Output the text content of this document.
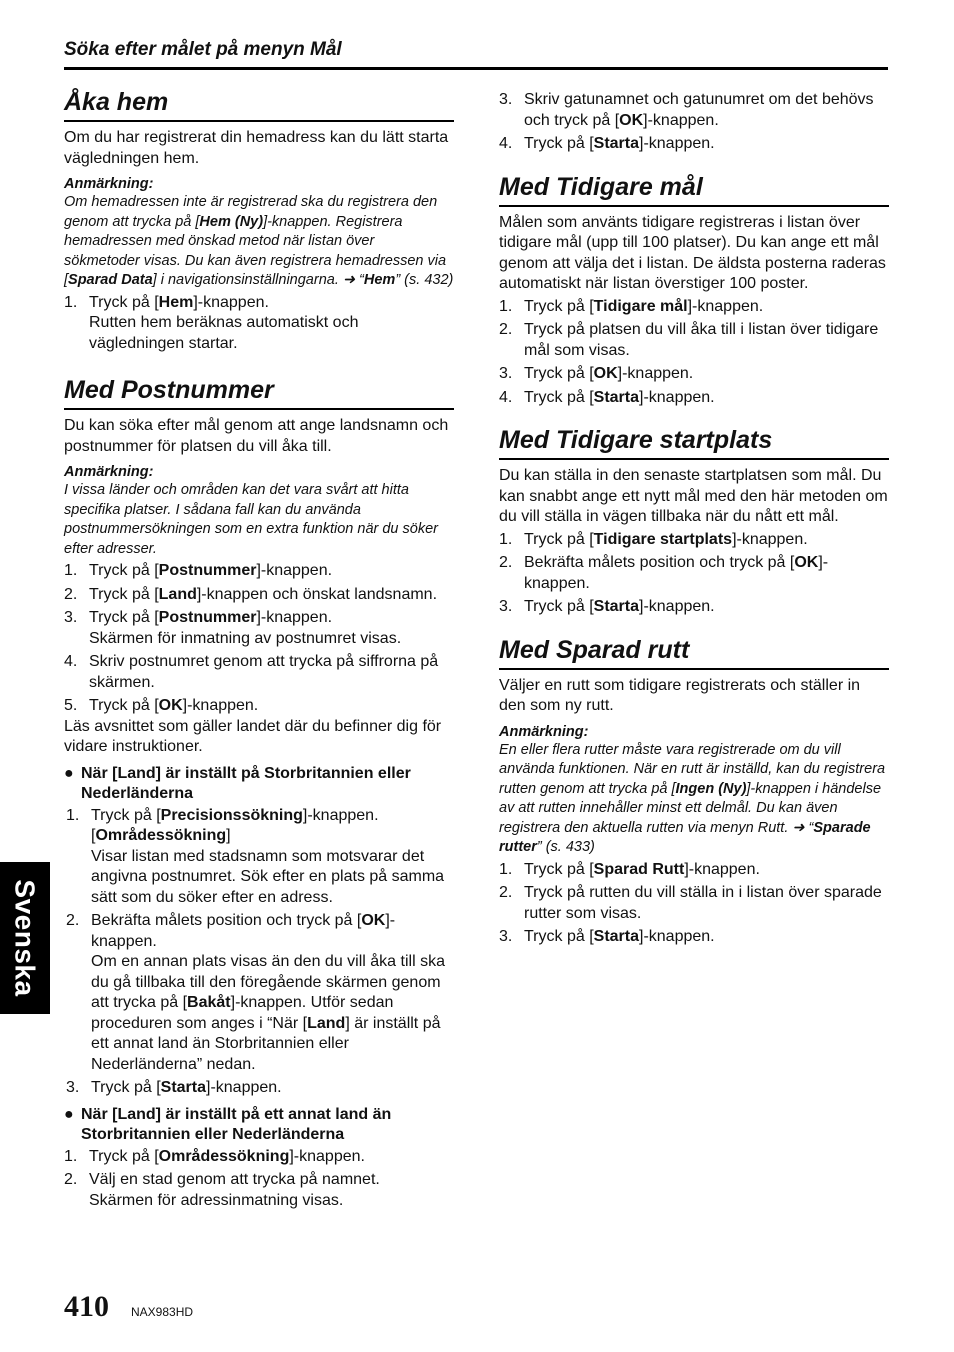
Söka efter målet på menyn Mål
Åka hem

Om du har registrerat din hemadress kan du lätt starta vägledningen hem.

Anmärkning:

Om hemadressen inte är registrerad ska du registrera den genom att trycka på [Hem (Ny)]-knappen. Registrera hemadressen med önskad metod när listan över sökmetoder visas. Du kan även registrera hemadressen via [Sparad Data] i navigationsinställningarna. ➜ “Hem” (s. 432)

1. Tryck på [Hem]-knappen.
Rutten hem beräknas automatiskt och vägledningen startar.
Med Postnummer

Du kan söka efter mål genom att ange landsnamn och postnummer för platsen du vill åka till.

Anmärkning:

I vissa länder och områden kan det vara svårt att hitta specifika platser. I sådana fall kan du använda postnummersökningen som en extra funktion när du söker efter adresser.

1. Tryck på [Postnummer]-knappen.
2. Tryck på [Land]-knappen och önskat landsnamn.
3. Tryck på [Postnummer]-knappen.
Skärmen för inmatning av postnumret visas.
4. Skriv postnumret genom att trycka på siffrorna på skärmen.
5. Tryck på [OK]-knappen.

Läs avsnittet som gäller landet där du befinner dig för vidare instruktioner.

● När [Land] är inställt på Storbritannien eller Nederländerna
1. Tryck på [Precisionssökning]-knappen. [Områdessökning]
Visar listan med stadsnamn som motsvarar det angivna postnumret. Sök efter en plats på samma sätt som du söker efter en adress.
2. Bekräfta målets position och tryck på [OK]-knappen.
Om en annan plats visas än den du vill åka till ska du gå tillbaka till den föregående skärmen genom att trycka på [Bakåt]-knappen. Utför sedan proceduren som anges i “När [Land] är inställt på ett annat land än Storbritannien eller Nederländerna” nedan.
3. Tryck på [Starta]-knappen.
● När [Land] är inställt på ett annat land än Storbritannien eller Nederländerna
1. Tryck på [Områdessökning]-knappen.
2. Välj en stad genom att trycka på namnet.
Skärmen för adressinmatning visas.
3. Skriv gatunamnet och gatunumret om det behövs och tryck på [OK]-knappen.
4. Tryck på [Starta]-knappen.
Med Tidigare mål

Målen som använts tidigare registreras i listan över tidigare mål (upp till 100 platser). Du kan ange ett mål genom att välja det i listan. De äldsta posterna raderas automatiskt när listan överstiger 100 poster.

1. Tryck på [Tidigare mål]-knappen.
2. Tryck på platsen du vill åka till i listan över tidigare mål som visas.
3. Tryck på [OK]-knappen.
4. Tryck på [Starta]-knappen.
Med Tidigare startplats

Du kan ställa in den senaste startplatsen som mål. Du kan snabbt ange ett nytt mål med den här metoden om du vill ställa in vägen tillbaka när du nått ett mål.

1. Tryck på [Tidigare startplats]-knappen.
2. Bekräfta målets position och tryck på [OK]-knappen.
3. Tryck på [Starta]-knappen.
Med Sparad rutt

Väljer en rutt som tidigare registrerats och ställer in den som ny rutt.

Anmärkning:

En eller flera rutter måste vara registrerade om du vill använda funktionen. När en rutt är inställd, kan du registrera rutten genom att trycka på [Ingen (Ny)]-knappen i händelse av att rutten innehåller minst ett delmål. Du kan även registrera den aktuella rutten via menyn Rutt. ➜ “Sparade rutter” (s. 433)

1. Tryck på [Sparad Rutt]-knappen.
2. Tryck på rutten du vill ställa in i listan över sparade rutter som visas.
3. Tryck på [Starta]-knappen.
Svenska
410 NAX983HD
